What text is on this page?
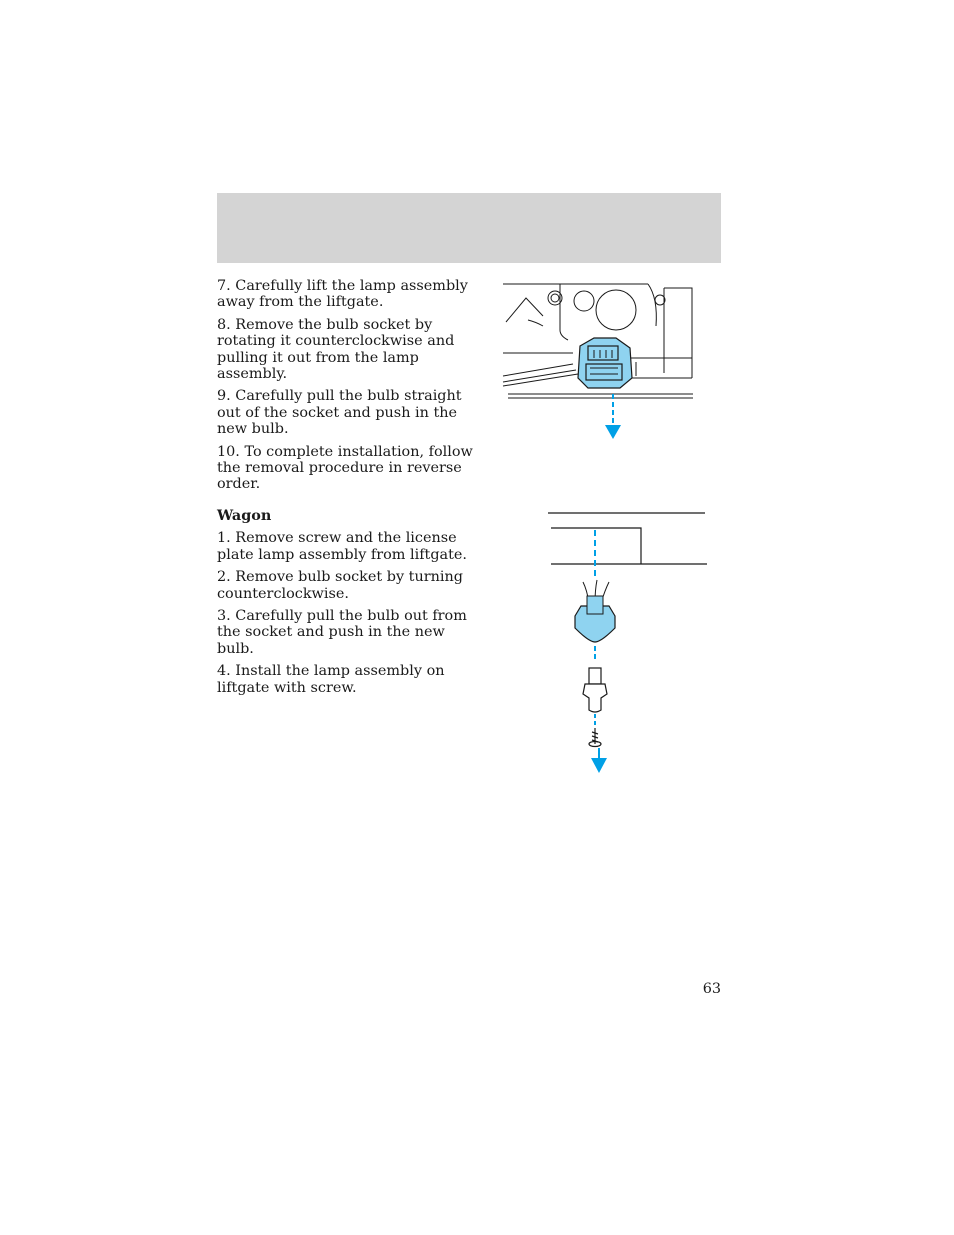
7. Carefully lift the lamp assembly
away from the liftgate.

8. Remove the bulb socket by
rotating it counterclockwise and
pulling it out from the lamp
assembly.

9. Carefully pull the bulb straight
out of the socket and push in the
new bulb.

10. To complete installation, follow
the removal procedure in reverse order.

Wagon

1. Remove screw and the license
plate lamp assembly from liftgate.

2. Remove bulb socket by turning
counterclockwise.

3. Carefully pull the bulb out from
the socket and push in the new
bulb.

4. Install the lamp assembly on
liftgate with screw.

63
